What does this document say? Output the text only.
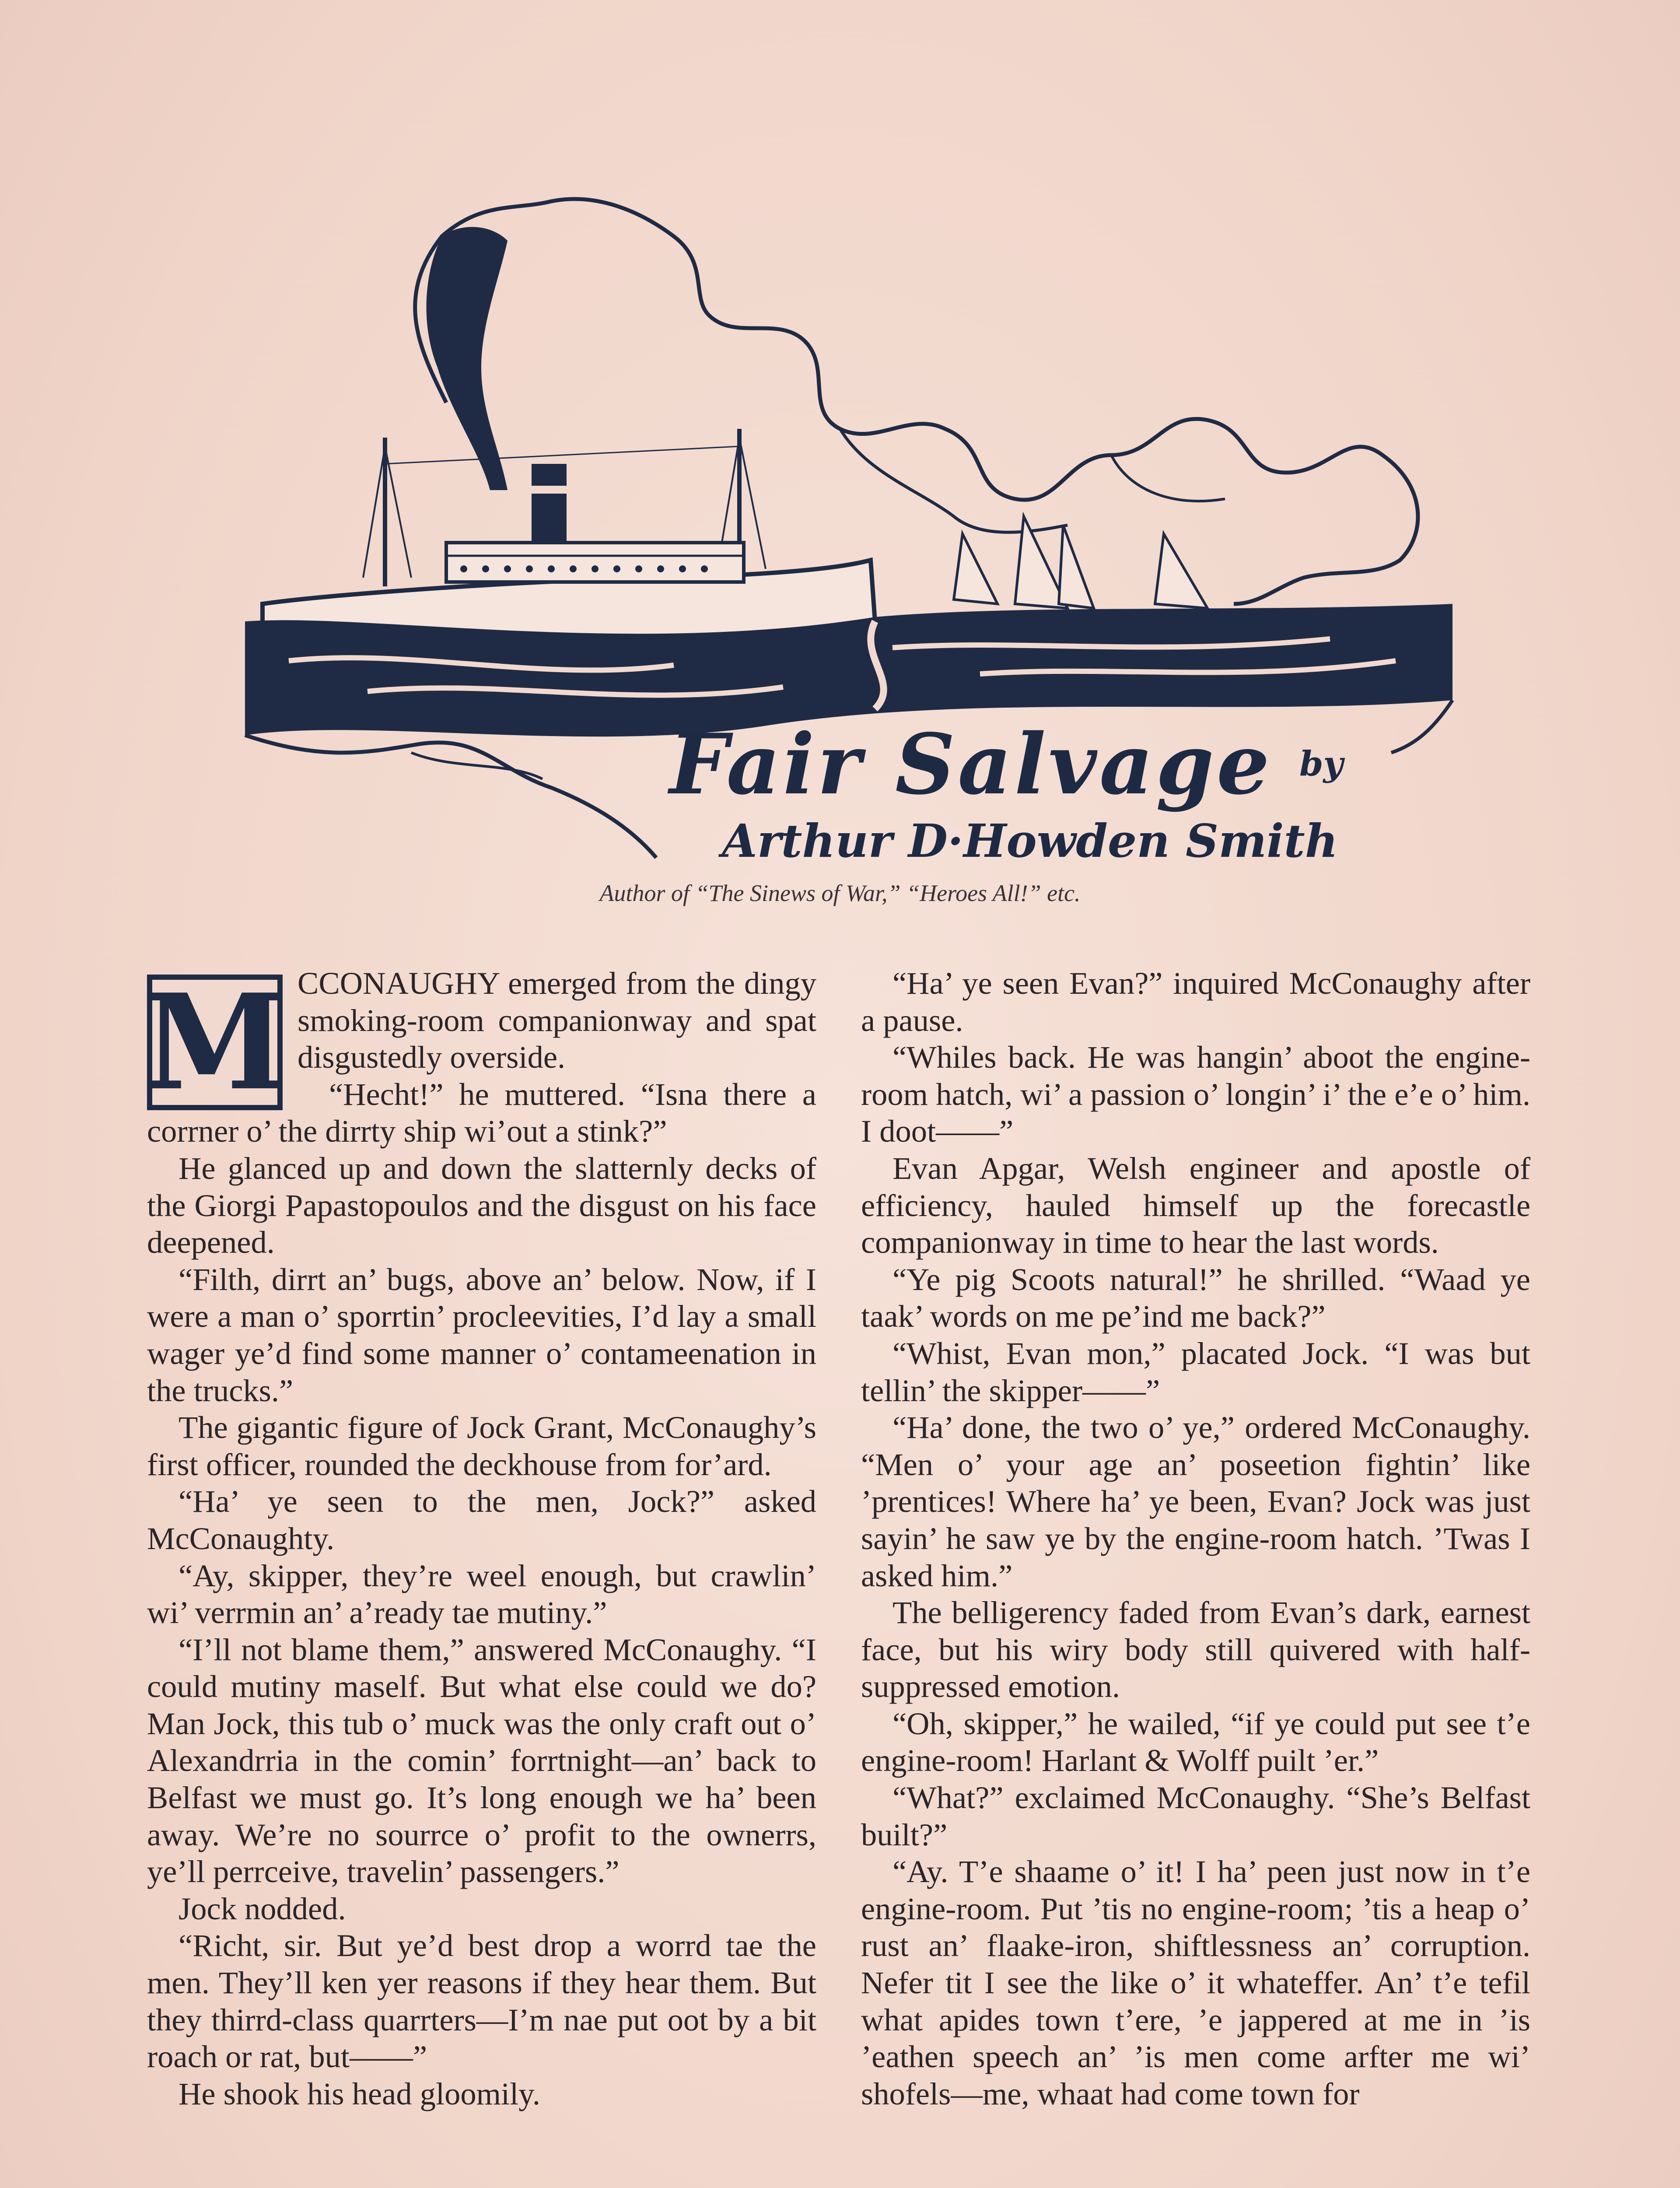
Fair Salvage by
Arthur D·Howden Smith
Author of “The Sinews of War,” “Heroes All!” etc.

M CCONAUGHY emerged from the dingy smoking-room companionway and spat disgustedly overside.

“Hecht!” he muttered. “Isna there a corrner o’ the dirrty ship wi’out a stink?”

He glanced up and down the slatternly decks of the Giorgi Papastopoulos and the disgust on his face deepened.

“Filth, dirrt an’ bugs, above an’ below. Now, if I were a man o’ sporrtin’ procleevities, I’d lay a small wager ye’d find some manner o’ contameenation in the trucks.”

The gigantic figure of Jock Grant, McConaughy’s first officer, rounded the deckhouse from for’ard.

“Ha’ ye seen to the men, Jock?” asked McConaughty.

“Ay, skipper, they’re weel enough, but crawlin’ wi’ verrmin an’ a’ready tae mutiny.”

“I’ll not blame them,” answered McConaughy. “I could mutiny maself. But what else could we do? Man Jock, this tub o’ muck was the only craft out o’ Alexandrria in the comin’ forrtnight—an’ back to Belfast we must go. It’s long enough we ha’ been away. We’re no sourrce o’ profit to the ownerrs, ye’ll perrceive, travelin’ passengers.”

Jock nodded.

“Richt, sir. But ye’d best drop a worrd tae the men. They’ll ken yer reasons if they hear them. But they thirrd-class quarrters—I’m nae put oot by a bit roach or rat, but——”

He shook his head gloomily.

“Ha’ ye seen Evan?” inquired McConaughy after a pause.

“Whiles back. He was hangin’ aboot the engine-room hatch, wi’ a passion o’ longin’ i’ the e’e o’ him. I doot——”

Evan Apgar, Welsh engineer and apostle of efficiency, hauled himself up the forecastle companionway in time to hear the last words.

“Ye pig Scoots natural!” he shrilled. “Waad ye taak’ words on me pe’ind me back?”

“Whist, Evan mon,” placated Jock. “I was but tellin’ the skipper——”

“Ha’ done, the two o’ ye,” ordered McConaughy. “Men o’ your age an’ poseetion fightin’ like ’prentices! Where ha’ ye been, Evan? Jock was just sayin’ he saw ye by the engine-room hatch. ’Twas I asked him.”

The belligerency faded from Evan’s dark, earnest face, but his wiry body still quivered with half-suppressed emotion.

“Oh, skipper,” he wailed, “if ye could put see t’e engine-room! Harlant & Wolff puilt ’er.”

“What?” exclaimed McConaughy. “She’s Belfast built?”

“Ay. T’e shaame o’ it! I ha’ peen just now in t’e engine-room. Put ’tis no engine-room; ’tis a heap o’ rust an’ flaake-iron, shiftlessness an’ corruption. Nefer tit I see the like o’ it whateffer. An’ t’e tefil what apides town t’ere, ’e jappered at me in ’is ’eathen speech an’ ’is men come arfter me wi’ shofels—me, whaat had come town for
